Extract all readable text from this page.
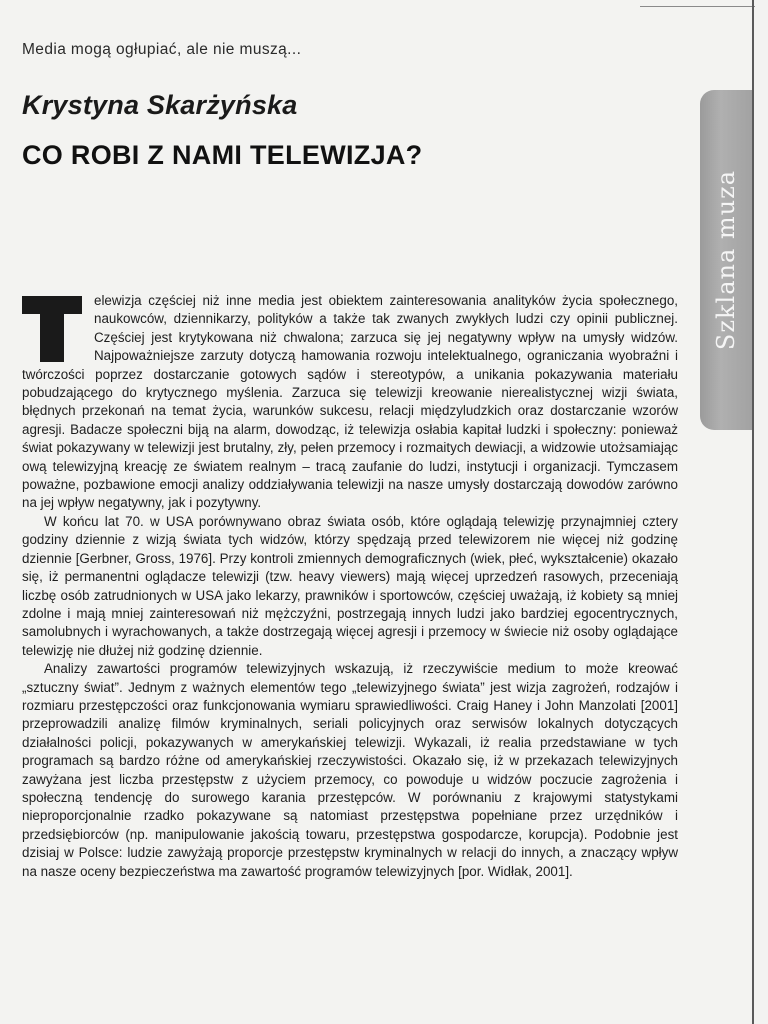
Media mogą ogłupiać, ale nie muszą...
Krystyna Skarżyńska
CO ROBI Z NAMI TELEWIZJA?
Szklana muza

elewizja częściej niż inne media jest obiektem zainteresowania analityków życia społecznego, naukowców, dziennikarzy, polityków a także tak zwanych zwykłych ludzi czy opinii publicznej. Częściej jest krytykowana niż chwalona; zarzuca się jej negatywny wpływ na umysły widzów. Najpoważniejsze zarzuty dotyczą hamowania rozwoju intelektualnego, ograniczania wyobraźni i twórczości poprzez dostarczanie gotowych sądów i stereotypów, a unikania pokazywania materiału pobudzającego do krytycznego myślenia. Zarzuca się telewizji kreowanie nierealistycznej wizji świata, błędnych przekonań na temat życia, warunków sukcesu, relacji międzyludzkich oraz dostarczanie wzorów agresji. Badacze społeczni biją na alarm, dowodząc, iż telewizja osłabia kapitał ludzki i społeczny: ponieważ świat pokazywany w telewizji jest brutalny, zły, pełen przemocy i rozmaitych dewiacji, a widzowie utożsamiając ową telewizyjną kreację ze światem realnym – tracą zaufanie do ludzi, instytucji i organizacji. Tymczasem poważne, pozbawione emocji analizy oddziaływania telewizji na nasze umysły dostarczają dowodów zarówno na jej wpływ negatywny, jak i pozytywny.

W końcu lat 70. w USA porównywano obraz świata osób, które oglądają telewizję przynajmniej cztery godziny dziennie z wizją świata tych widzów, którzy spędzają przed telewizorem nie więcej niż godzinę dziennie [Gerbner, Gross, 1976]. Przy kontroli zmiennych demograficznych (wiek, płeć, wykształcenie) okazało się, iż permanentni oglądacze telewizji (tzw. heavy viewers) mają więcej uprzedzeń rasowych, przeceniają liczbę osób zatrudnionych w USA jako lekarzy, prawników i sportowców, częściej uważają, iż kobiety są mniej zdolne i mają mniej zainteresowań niż mężczyźni, postrzegają innych ludzi jako bardziej egocentrycznych, samolubnych i wyrachowanych, a także dostrzegają więcej agresji i przemocy w świecie niż osoby oglądające telewizję nie dłużej niż godzinę dziennie.

Analizy zawartości programów telewizyjnych wskazują, iż rzeczywiście medium to może kreować „sztuczny świat”. Jednym z ważnych elementów tego „telewizyjnego świata” jest wizja zagrożeń, rodzajów i rozmiaru przestępczości oraz funkcjonowania wymiaru sprawiedliwości. Craig Haney i John Manzolati [2001] przeprowadzili analizę filmów kryminalnych, seriali policyjnych oraz serwisów lokalnych dotyczących działalności policji, pokazywanych w amerykańskiej telewizji. Wykazali, iż realia przedstawiane w tych programach są bardzo różne od amerykańskiej rzeczywistości. Okazało się, iż w przekazach telewizyjnych zawyżana jest liczba przestępstw z użyciem przemocy, co powoduje u widzów poczucie zagrożenia i społeczną tendencję do surowego karania przestępców. W porównaniu z krajowymi statystykami nieproporcjonalnie rzadko pokazywane są natomiast przestępstwa popełniane przez urzędników i przedsiębiorców (np. manipulowanie jakością towaru, przestępstwa gospodarcze, korupcja). Podobnie jest dzisiaj w Polsce: ludzie zawyżają proporcje przestępstw kryminalnych w relacji do innych, a znaczący wpływ na nasze oceny bezpieczeństwa ma zawartość programów telewizyjnych [por. Widłak, 2001].
